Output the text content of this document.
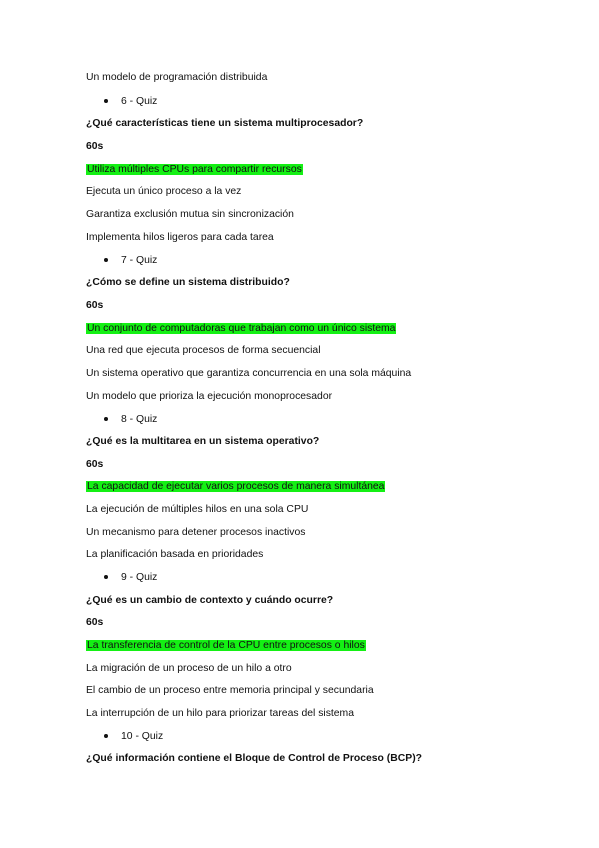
Un modelo de programación distribuida
6 - Quiz
¿Qué características tiene un sistema multiprocesador?
60s
Utiliza múltiples CPUs para compartir recursos
Ejecuta un único proceso a la vez
Garantiza exclusión mutua sin sincronización
Implementa hilos ligeros para cada tarea
7 - Quiz
¿Cómo se define un sistema distribuido?
60s
Un conjunto de computadoras que trabajan como un único sistema
Una red que ejecuta procesos de forma secuencial
Un sistema operativo que garantiza concurrencia en una sola máquina
Un modelo que prioriza la ejecución monoprocesador
8 - Quiz
¿Qué es la multitarea en un sistema operativo?
60s
La capacidad de ejecutar varios procesos de manera simultánea
La ejecución de múltiples hilos en una sola CPU
Un mecanismo para detener procesos inactivos
La planificación basada en prioridades
9 - Quiz
¿Qué es un cambio de contexto y cuándo ocurre?
60s
La transferencia de control de la CPU entre procesos o hilos
La migración de un proceso de un hilo a otro
El cambio de un proceso entre memoria principal y secundaria
La interrupción de un hilo para priorizar tareas del sistema
10 - Quiz
¿Qué información contiene el Bloque de Control de Proceso (BCP)?
